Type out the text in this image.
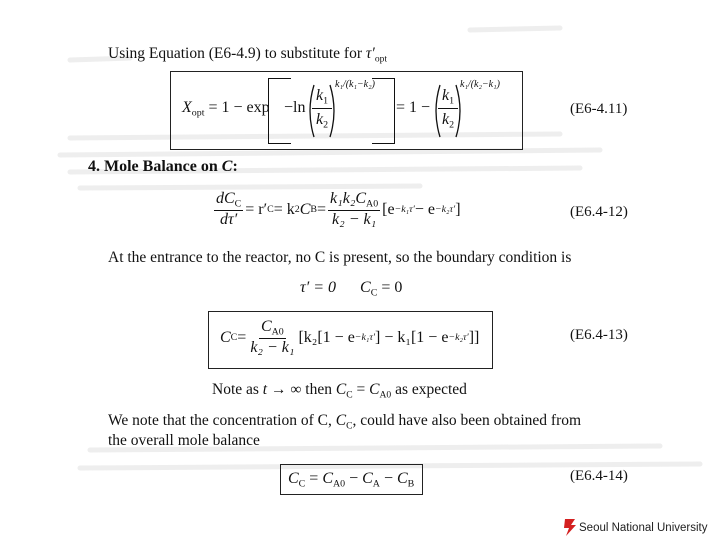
Using Equation (E6-4.9) to substitute for $\tau'_{opt}$
$X_{opt} = 1 - \exp -\ln$
$k_1$
$k_2$
k₁/(k₁−k₂)
= 1 −
$k_1$
$k_2$
k₁/(k₂−k₁)
(E6-4.11)
4. Mole Balance on C:
$\frac{dC_C}{d\tau'} = r'$ C = k 2 C $B = \frac{k_1k_2C_{A0}}{\text{k₂ − k₁}} [e -k_1\tau' - e -k_2\tau'$ ]	(E6.4-12)
At the entrance to the reactor, no C is present, so the boundary condition is
τ′ = 0 $C_C = 0$
C $C = \frac{C_{A0}}{\text{k₂ − k₁}} [k_2[1 - e -k_1\tau'$ ] − k₁[1 − e −k₂τ′ ]]	(E6.4-13)
Note as t → ∞ then $C_C = C_{A0}$ as expected
We note that the concentration of C, $C_C$, could have also been obtained from
the overall mole balance
$C_C = C_{A0} - C_A - C_B$	(E6.4-14)
Seoul National University
